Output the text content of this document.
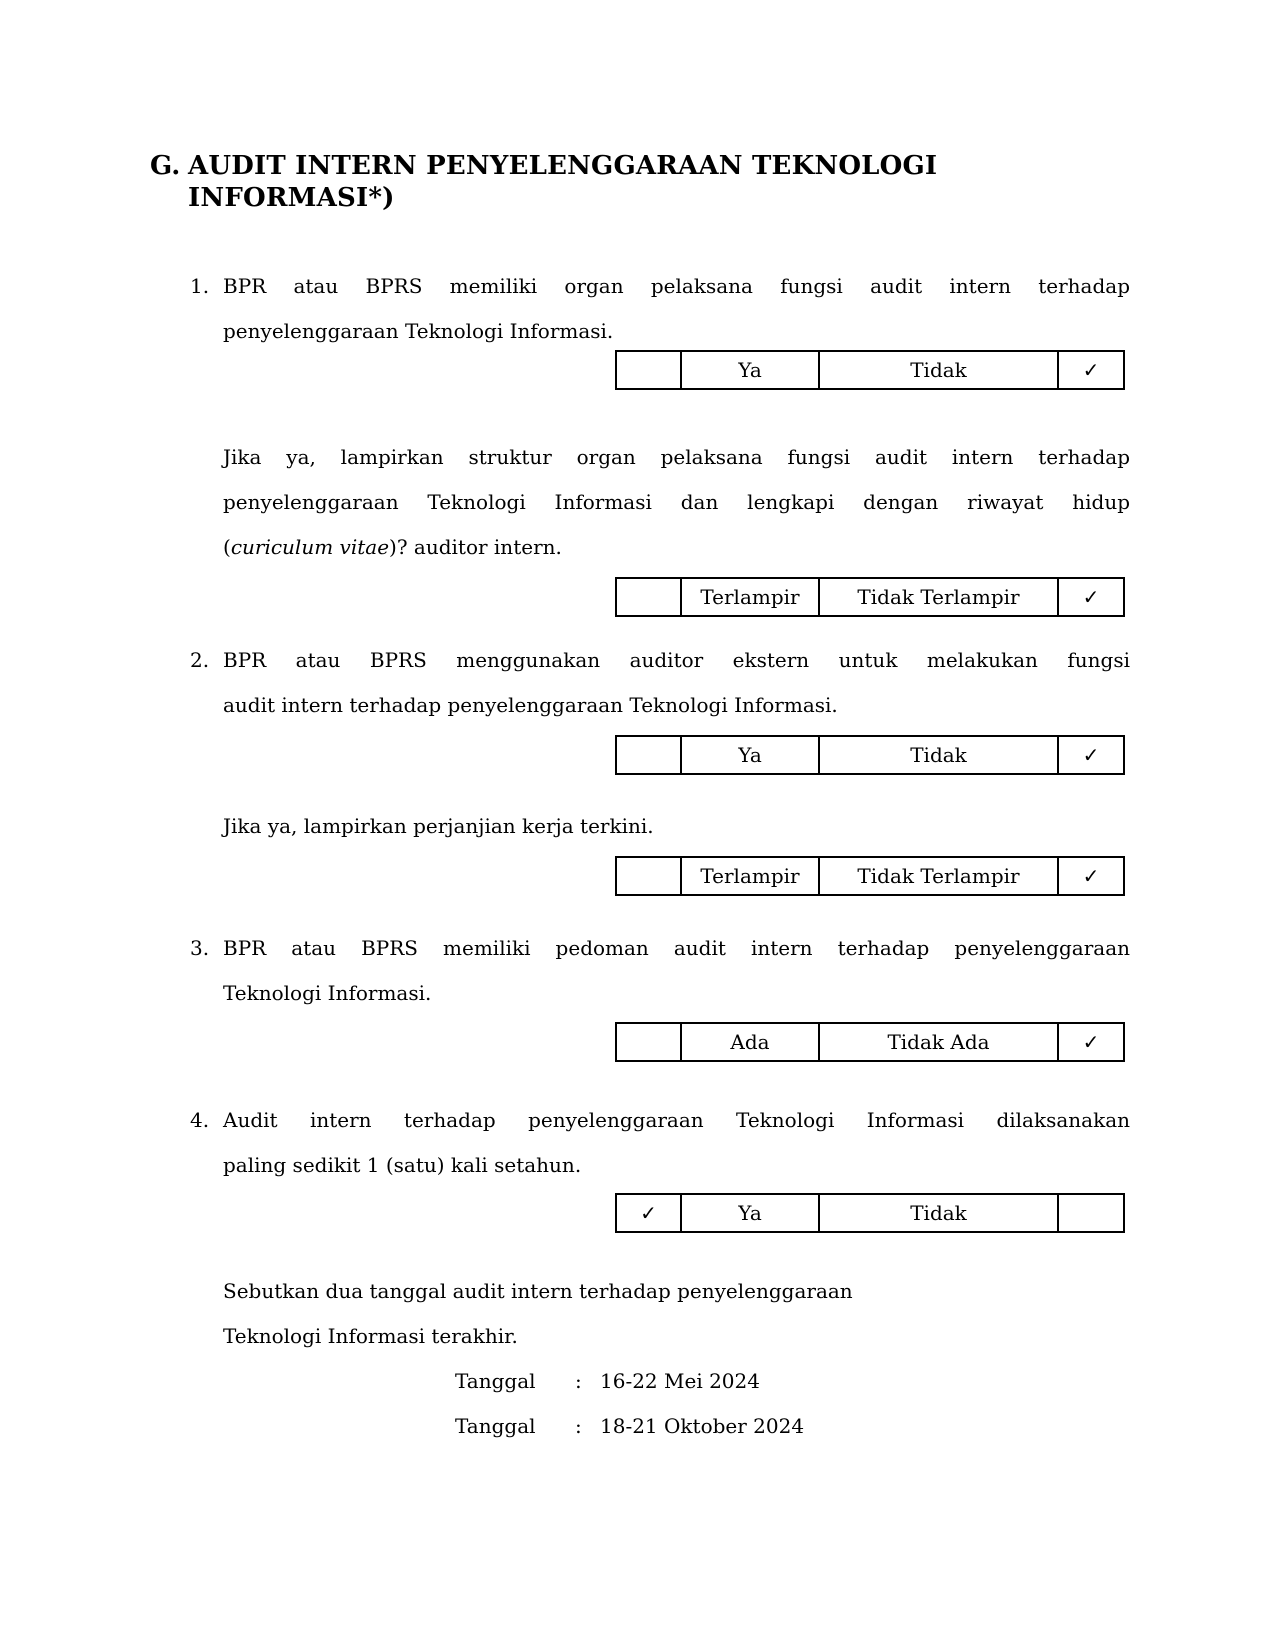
G. AUDIT INTERN PENYELENGGARAAN TEKNOLOGI INFORMASI*)
1. BPR atau BPRS memiliki organ pelaksana fungsi audit intern terhadap
penyelenggaraan Teknologi Informasi.
	Ya	Tidak	✓
Jika ya, lampirkan struktur organ pelaksana fungsi audit intern terhadap
penyelenggaraan Teknologi Informasi dan lengkapi dengan riwayat hidup
(curiculum vitae)? auditor intern.
	Terlampir	Tidak Terlampir	✓
2. BPR atau BPRS menggunakan auditor ekstern untuk melakukan fungsi
audit intern terhadap penyelenggaraan Teknologi Informasi.
	Ya	Tidak	✓
Jika ya, lampirkan perjanjian kerja terkini.
	Terlampir	Tidak Terlampir	✓
3. BPR atau BPRS memiliki pedoman audit intern terhadap penyelenggaraan
Teknologi Informasi.
	Ada	Tidak Ada	✓
4. Audit intern terhadap penyelenggaraan Teknologi Informasi dilaksanakan
paling sedikit 1 (satu) kali setahun.
✓	Ya	Tidak	
Sebutkan dua tanggal audit intern terhadap penyelenggaraan
Teknologi Informasi terakhir.
Tanggal	: 16-22 Mei 2024
Tanggal	: 18-21 Oktober 2024
